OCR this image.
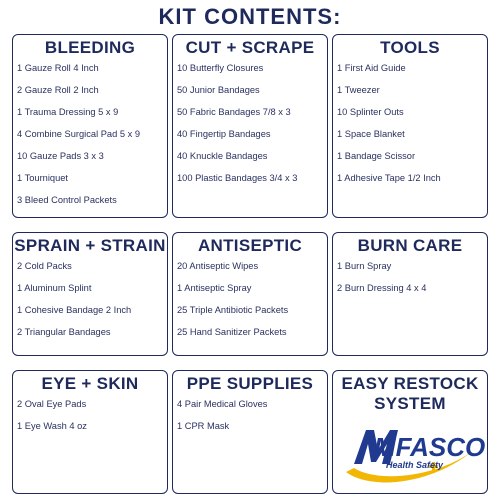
KIT CONTENTS:
BLEEDING
1 Gauze Roll 4 Inch
2 Gauze Roll 2 Inch
1 Trauma Dressing 5 x 9
4 Combine Surgical Pad 5 x 9
10 Gauze Pads 3 x 3
1 Tourniquet
3 Bleed Control Packets
CUT + SCRAPE
10 Butterfly Closures
50 Junior Bandages
50 Fabric Bandages 7/8 x 3
40 Fingertip Bandages
40 Knuckle Bandages
100 Plastic Bandages 3/4 x 3
TOOLS
1 First Aid Guide
1 Tweezer
10 Splinter Outs
1 Space Blanket
1 Bandage Scissor
1 Adhesive Tape 1/2 Inch
SPRAIN + STRAIN
2 Cold Packs
1 Aluminum Splint
1 Cohesive Bandage 2 Inch
2 Triangular Bandages
ANTISEPTIC
20 Antiseptic Wipes
1 Antiseptic Spray
25 Triple Antibiotic Packets
25 Hand Sanitizer Packets
BURN CARE
1 Burn Spray
2 Burn Dressing 4 x 4
EYE + SKIN
2 Oval Eye Pads
1 Eye Wash 4 oz
PPE SUPPLIES
4 Pair Medical Gloves
1 CPR Mask
EASY RESTOCK
SYSTEM
MFASCO
Health Safety
